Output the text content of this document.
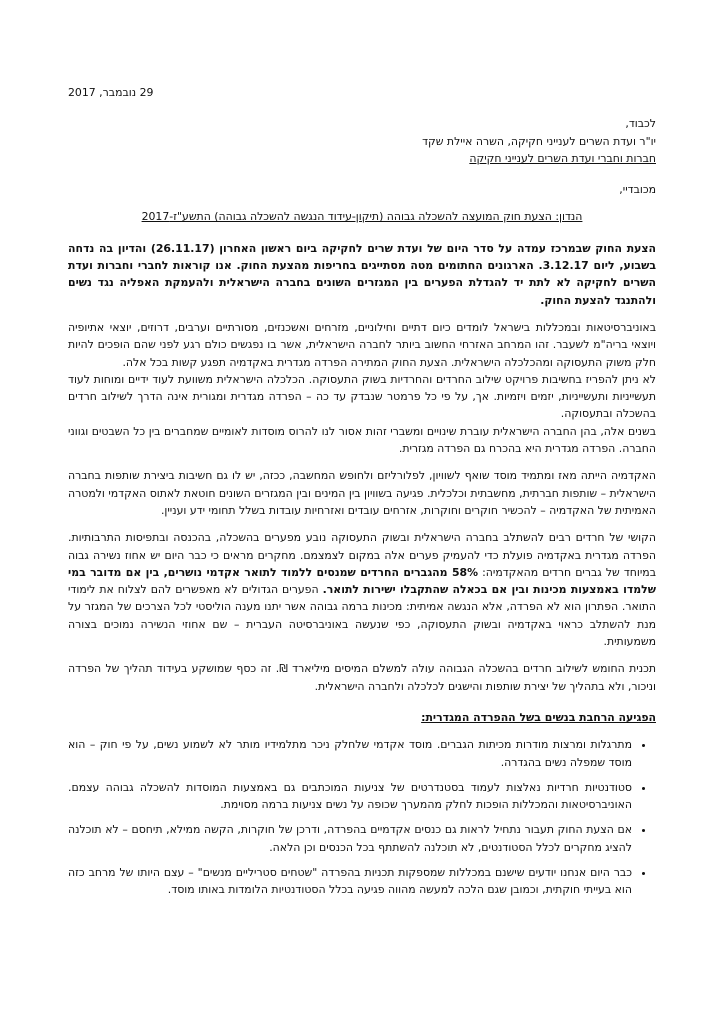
29 נובמבר, 2017

לכבוד,

יו"ר ועדת השרים לענייני חקיקה, השרה איילת שקד

חברות וחברי ועדת השרים לענייני חקיקה

מכובדיי,

הנדון: הצעת חוק המועצה להשכלה גבוהה (תיקון-עידוד הנגשה להשכלה גבוהה) התשע"ז-2017

הצעת החוק שבמרכז עמדה על סדר היום של ועדת שרים לחקיקה ביום ראשון האחרון (26.11.17) והדיון בה נדחה בשבוע, ליום 3.12.17. הארגונים החתומים מטה מסתייגים בחריפות מהצעת החוק. אנו קוראות לחברי וחברות ועדת השרים לחקיקה לא לתת יד להגדלת הפערים בין המגזרים השונים בחברה הישראלית ולהעמקת האפליה נגד נשים ולהתנגד להצעת החוק.

באוניברסיטאות ובמכללות בישראל לומדים כיום דתיים וחילוניים, מזרחים ואשכנזים, מסורתיים וערבים, דרוזים, יוצאי אתיופיה ויוצאי בריה"מ לשעבר. זהו המרחב האזרחי החשוב ביותר לחברה הישראלית, אשר בו נפגשים כולם רגע לפני שהם הופכים להיות חלק משוק התעסוקה ומהכלכלה הישראלית. הצעת החוק המתירה הפרדה מגדרית באקדמיה תפגע קשות בכל אלה.

לא ניתן להפריז בחשיבות פרויקט שילוב החרדים והחרדיות בשוק התעסוקה. הכלכלה הישראלית משוועת לעוד ידיים ומוחות לעוד תעשייניות ותעשייניות, יזמים ויזמיות. אך, על פי כל פרמטר שנבדק עד כה – הפרדה מגדרית ומגורית אינה הדרך לשילוב חרדים בהשכלה ובתעסוקה.

בשנים אלה, בהן החברה הישראלית עוברת שינויים ומשברי זהות אסור לנו להרוס מוסדות לאומיים שמחברים בין כל השבטים וגווני החברה. הפרדה מגדרית היא בהכרח גם הפרדה מגזרית.

האקדמיה הייתה מאז ומתמיד מוסד שואף לשוויון, לפלורליזם ולחופש המחשבה, ככזה, יש לו גם חשיבות ביצירת שותפות בחברה הישראלית – שותפות חברתית, מחשבתית וכלכלית. פגיעה בשוויון בין המינים ובין המגזרים השונים חוטאת לאתוס האקדמי ולמטרה האמיתית של האקדמיה – להכשיר חוקרים וחוקרות, אזרחים עובדים ואזרחיות עובדות בשלל תחומי ידע ועניין.

הקושי של חרדים רבים להשתלב בחברה הישראלית ובשוק התעסוקה נובע מפערים בהשכלה, בהכנסה ובתפיסות התרבותיות. הפרדה מגדרית באקדמיה פועלת כדי להעמיק פערים אלה במקום לצמצמם. מחקרים מראים כי כבר היום יש אחוז נשירה גבוה במיוחד של גברים חרדים מהאקדמיה: 58% מהגברים החרדים שמנסים ללמוד לתואר אקדמי נושרים, בין אם מדובר במי שלמדו באמצעות מכינות ובין אם בכאלה שהתקבלו ישירות לתואר. הפערים הגדולים לא מאפשרים להם לצלוח את לימודי התואר. הפתרון הוא לא הפרדה, אלא הנגשה אמיתית: מכינות ברמה גבוהה אשר יתנו מענה הוליסטי לכל הצרכים של המגזר על מנת להשתלב כראוי באקדמיה ובשוק התעסוקה, כפי שנעשה באוניברסיטה העברית – שם אחוזי הנשירה נמוכים בצורה משמעותית.

תכנית החומש לשילוב חרדים בהשכלה הגבוהה עולה למשלם המיסים מיליארד ₪. זה כסף שמושקע בעידוד תהליך של הפרדה וניכור, ולא בתהליך של יצירת שותפות והישגים לכלכלה ולחברה הישראלית.

הפגיעה הרחבת בנשים בשל ההפרדה המגדרית:
• מתרגלות ומרצות מודרות מכיתות הגברים. מוסד אקדמי שלחלק ניכר מתלמידיו מותר לא לשמוע נשים, על פי חוק – הוא מוסד שמפלה נשים בהגדרה.
• סטודנטיות חרדיות נאלצות לעמוד בסטנדרטים של צניעות המוכתבים גם באמצעות המוסדות להשכלה גבוהה עצמם. האוניברסיטאות והמכללות הופכות לחלק מהמערך שכופה על נשים צניעות ברמה מסוימת.
• אם הצעת החוק תעבור נתחיל לראות גם כנסים אקדמיים בהפרדה, ודרכן של חוקרות, הקשה ממילא, תיחסם – לא תוכלנה להציג מחקרים לכלל הסטודנטים, לא תוכלנה להשתתף בכל הכנסים וכן הלאה.
• כבר היום אנחנו יודעים שישנם במכללות שמספקות תכניות בהפרדה "שטחים סטריליים מנשים" – עצם היותו של מרחב כזה הוא בעייתי חוקתית, וכמובן שגם הלכה למעשה מהווה פגיעה בכלל הסטודנטיות הלומדות באותו מוסד.
